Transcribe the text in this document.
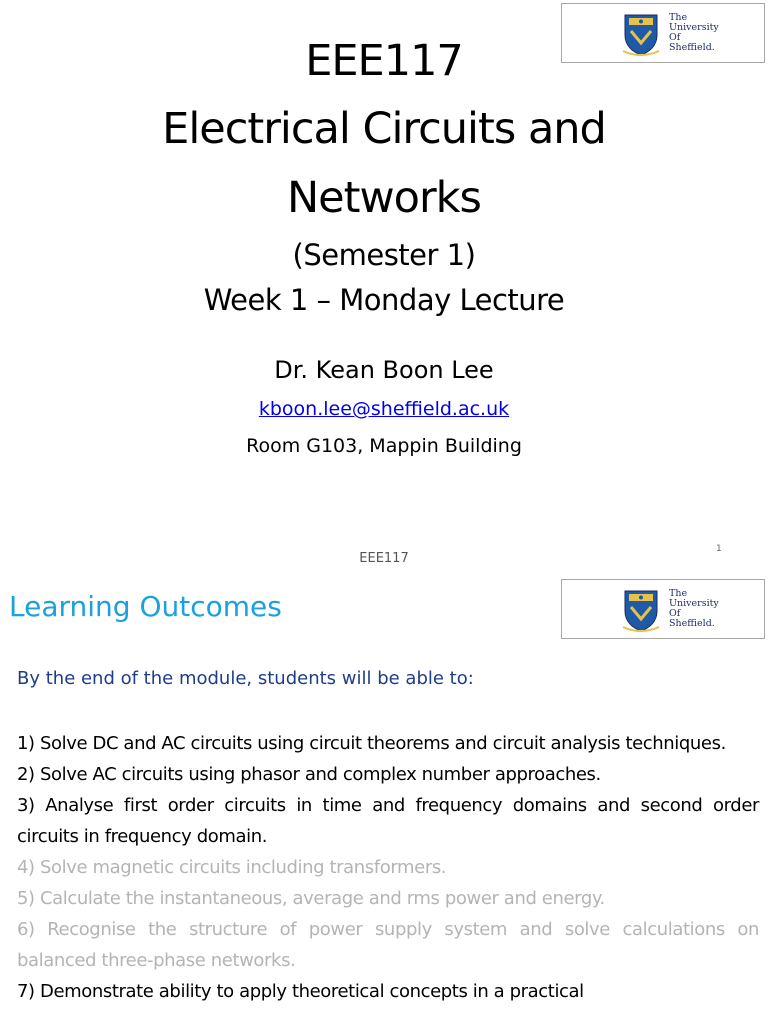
The
University
Of
Sheffield.
EEE117
Electrical Circuits and
Networks
(Semester 1)
Week 1 – Monday Lecture
Dr. Kean Boon Lee
kboon.lee@sheffield.ac.uk
Room G103, Mappin Building
EEE117
1
The
University
Of
Sheffield.
Learning Outcomes
By the end of the module, students will be able to:

1) Solve DC and AC circuits using circuit theorems and circuit analysis techniques.

2) Solve AC circuits using phasor and complex number approaches.

3) Analyse first order circuits in time and frequency domains and second order circuits in frequency domain.

4) Solve magnetic circuits including transformers.

5) Calculate the instantaneous, average and rms power and energy.

6) Recognise the structure of power supply system and solve calculations on balanced three-phase networks.

7) Demonstrate ability to apply theoretical concepts in a practical
